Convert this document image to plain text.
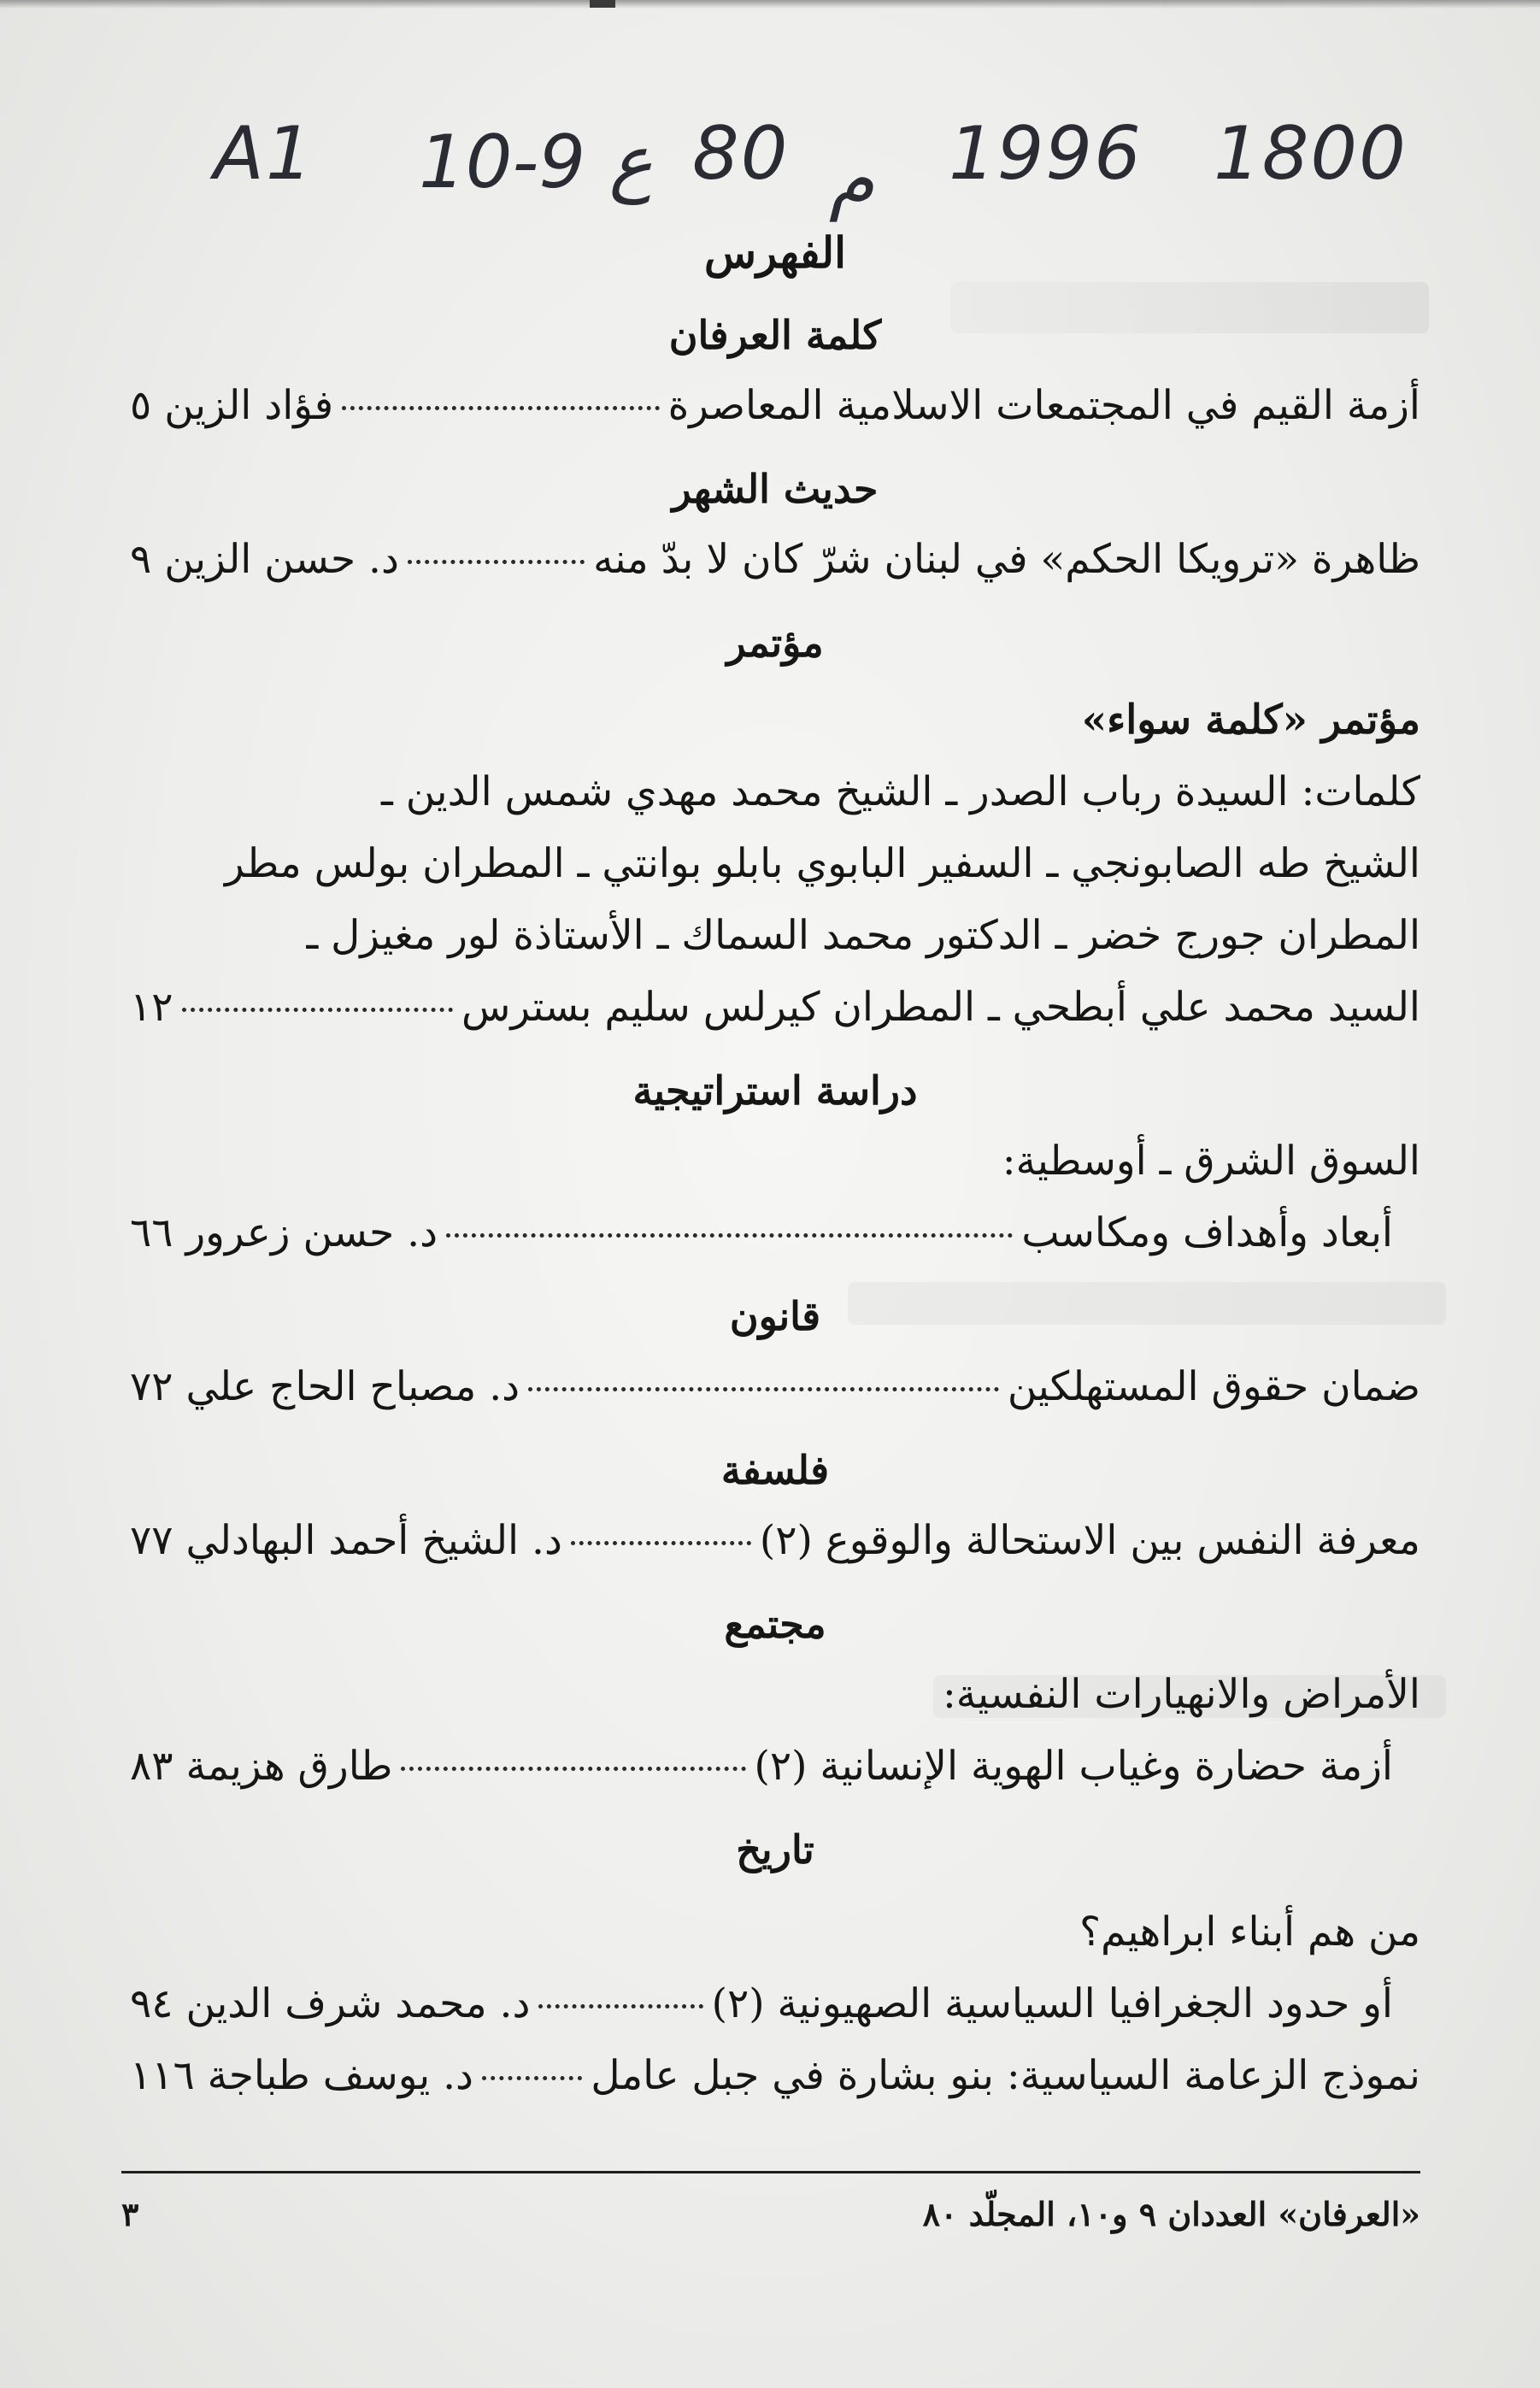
A1 10-9 ع 80 م 1996 1800
الفهرس
كلمة العرفان
أزمة القيم في المجتمعات الاسلامية المعاصرة
فؤاد الزين ٥
حديث الشهر
ظاهرة «ترويكا الحكم» في لبنان شرّ كان لا بدّ منه
د. حسن الزين ٩
مؤتمر
مؤتمر «كلمة سواء»
كلمات: السيدة رباب الصدر ـ الشيخ محمد مهدي شمس الدين ـ
الشيخ طه الصابونجي ـ السفير البابوي بابلو بوانتي ـ المطران بولس مطر
المطران جورج خضر ـ الدكتور محمد السماك ـ الأستاذة لور مغيزل ـ
السيد محمد علي أبطحي ـ المطران كيرلس سليم بسترس
١٢
دراسة استراتيجية
السوق الشرق ـ أوسطية:
أبعاد وأهداف ومكاسب
د. حسن زعرور ٦٦
قانون
ضمان حقوق المستهلكين
د. مصباح الحاج علي ٧٢
فلسفة
معرفة النفس بين الاستحالة والوقوع (٢)
د. الشيخ أحمد البهادلي ٧٧
مجتمع
الأمراض والانهيارات النفسية:
أزمة حضارة وغياب الهوية الإنسانية (٢)
طارق هزيمة ٨٣
تاريخ
من هم أبناء ابراهيم؟
أو حدود الجغرافيا السياسية الصهيونية (٢)
د. محمد شرف الدين ٩٤
نموذج الزعامة السياسية: بنو بشارة في جبل عامل
د. يوسف طباجة ١١٦
«العرفان» العددان ٩ و١٠، المجلّد ٨٠
٣
